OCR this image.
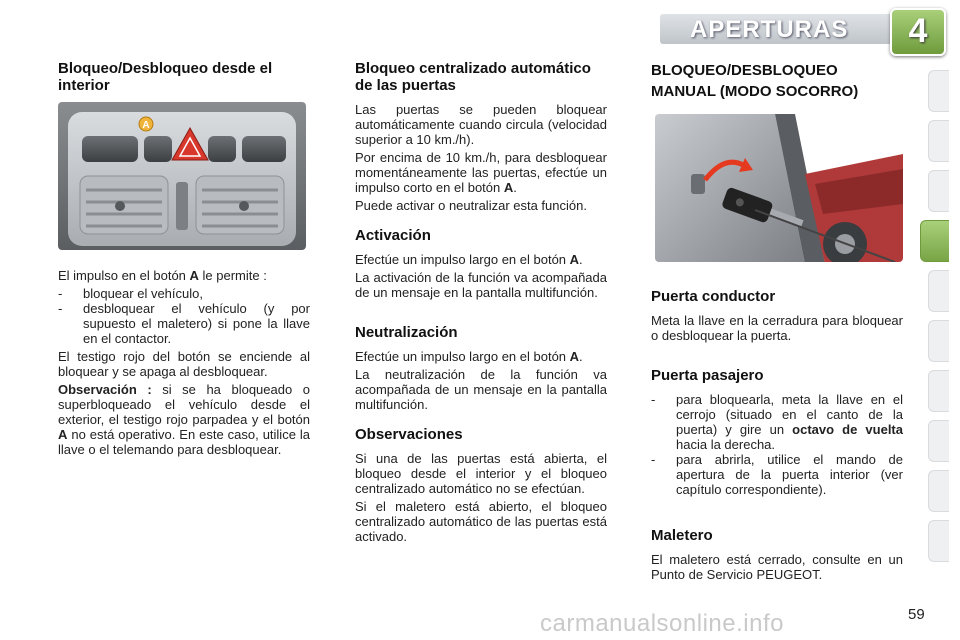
APERTURAS	4
Bloqueo/Desbloqueo desde el interior
A

El impulso en el botón A le permite :

- bloquear el vehículo,
- desbloquear el vehículo (y por supuesto el maletero) si pone la llave en el contactor.

El testigo rojo del botón se enciende al bloquear y se apaga al desbloquear.

Observación : si se ha bloqueado o superbloqueado el vehículo desde el exterior, el testigo rojo parpadea y el botón A no está operativo. En este caso, utilice la llave o el telemando para desbloquear.

Bloqueo centralizado automático de las puertas

Las puertas se pueden bloquear automáticamente cuando circula (velocidad superior a 10 km./h).

Por encima de 10 km./h, para desbloquear momentáneamente las puertas, efectúe un impulso corto en el botón A.

Puede activar o neutralizar esta función.

Activación

Efectúe un impulso largo en el botón A.

La activación de la función va acompañada de un mensaje en la pantalla multifunción.

Neutralización

Efectúe un impulso largo en el botón A.

La neutralización de la función va acompañada de un mensaje en la pantalla multifunción.

Observaciones

Si una de las puertas está abierta, el bloqueo desde el interior y el bloqueo centralizado automático no se efectúan.

Si el maletero está abierto, el bloqueo centralizado automático de las puertas está activado.

BLOQUEO/DESBLOQUEO MANUAL (MODO SOCORRO)
Puerta conductor

Meta la llave en la cerradura para bloquear o desbloquear la puerta.

Puerta pasajero
- para bloquearla, meta la llave en el cerrojo (situado en el canto de la puerta) y gire un octavo de vuelta hacia la derecha.
- para abrirla, utilice el mando de apertura de la puerta interior (ver capítulo correspondiente).
Maletero

El maletero está cerrado, consulte en un Punto de Servicio PEUGEOT.

carmanualsonline.info	59
